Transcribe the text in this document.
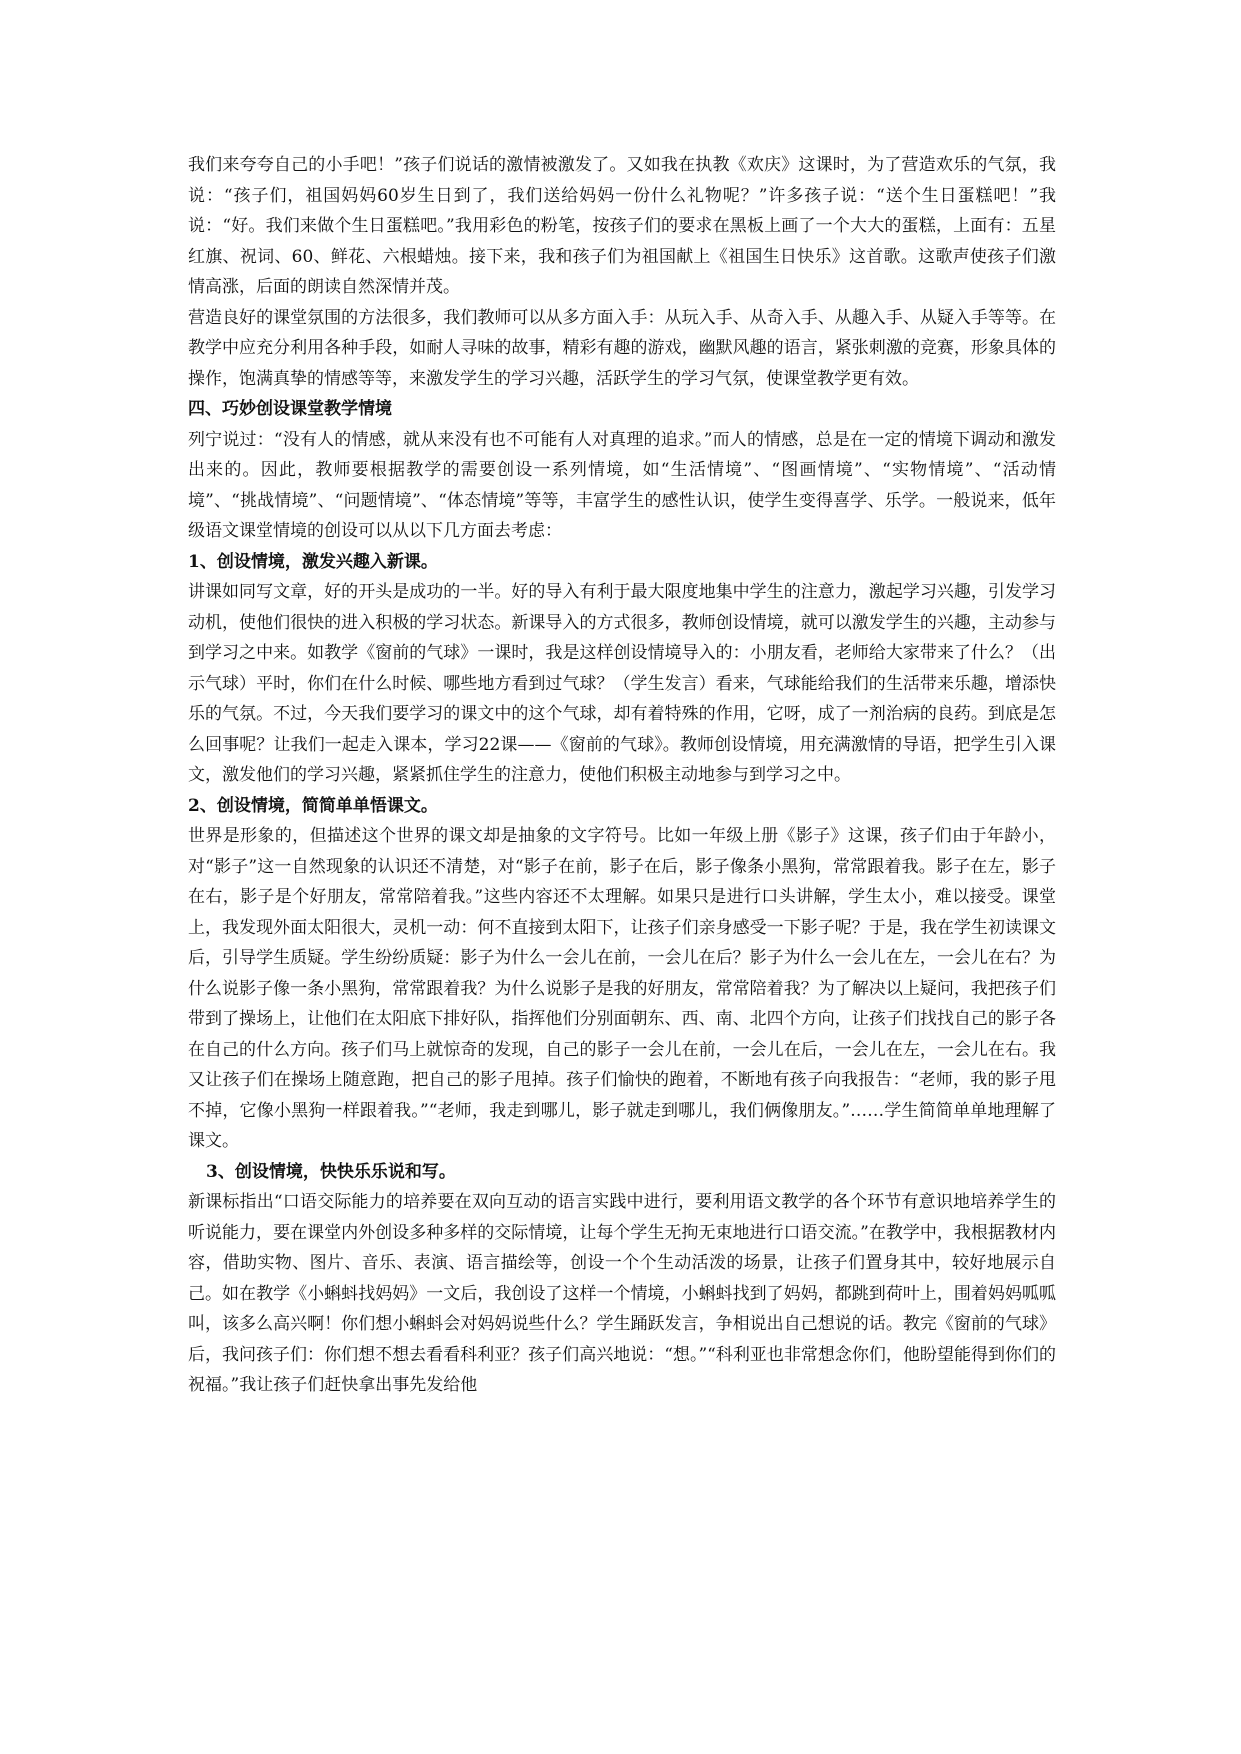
我们来夸夸自己的小手吧！”孩子们说话的激情被激发了。又如我在执教《欢庆》这课时，为了营造欢乐的气氛，我说：“孩子们，祖国妈妈60岁生日到了，我们送给妈妈一份什么礼物呢？”许多孩子说：“送个生日蛋糕吧！”我说：“好。我们来做个生日蛋糕吧。”我用彩色的粉笔，按孩子们的要求在黑板上画了一个大大的蛋糕，上面有：五星红旗、祝词、60、鲜花、六根蜡烛。接下来，我和孩子们为祖国献上《祖国生日快乐》这首歌。这歌声使孩子们激情高涨，后面的朗读自然深情并茂。

营造良好的课堂氛围的方法很多，我们教师可以从多方面入手：从玩入手、从奇入手、从趣入手、从疑入手等等。在教学中应充分利用各种手段，如耐人寻味的故事，精彩有趣的游戏，幽默风趣的语言，紧张刺激的竞赛，形象具体的操作，饱满真挚的情感等等，来激发学生的学习兴趣，活跃学生的学习气氛，使课堂教学更有效。

四、巧妙创设课堂教学情境

列宁说过：“没有人的情感，就从来没有也不可能有人对真理的追求。”而人的情感，总是在一定的情境下调动和激发出来的。因此，教师要根据教学的需要创设一系列情境，如“生活情境”、“图画情境”、“实物情境”、“活动情境”、“挑战情境”、“问题情境”、“体态情境”等等，丰富学生的感性认识，使学生变得喜学、乐学。一般说来，低年级语文课堂情境的创设可以从以下几方面去考虑：

1、创设情境，激发兴趣入新课。

讲课如同写文章，好的开头是成功的一半。好的导入有利于最大限度地集中学生的注意力，激起学习兴趣，引发学习动机，使他们很快的进入积极的学习状态。新课导入的方式很多，教师创设情境，就可以激发学生的兴趣，主动参与到学习之中来。如教学《窗前的气球》一课时，我是这样创设情境导入的：小朋友看，老师给大家带来了什么？（出示气球）平时，你们在什么时候、哪些地方看到过气球？（学生发言）看来，气球能给我们的生活带来乐趣，增添快乐的气氛。不过，今天我们要学习的课文中的这个气球，却有着特殊的作用，它呀，成了一剂治病的良药。到底是怎么回事呢？让我们一起走入课本，学习22课——《窗前的气球》。教师创设情境，用充满激情的导语，把学生引入课文，激发他们的学习兴趣，紧紧抓住学生的注意力，使他们积极主动地参与到学习之中。

2、创设情境，简简单单悟课文。

世界是形象的，但描述这个世界的课文却是抽象的文字符号。比如一年级上册《影子》这课，孩子们由于年龄小，对“影子”这一自然现象的认识还不清楚，对“影子在前，影子在后，影子像条小黑狗，常常跟着我。影子在左，影子在右，影子是个好朋友，常常陪着我。”这些内容还不太理解。如果只是进行口头讲解，学生太小，难以接受。课堂上，我发现外面太阳很大，灵机一动：何不直接到太阳下，让孩子们亲身感受一下影子呢？于是，我在学生初读课文后，引导学生质疑。学生纷纷质疑：影子为什么一会儿在前，一会儿在后？影子为什么一会儿在左，一会儿在右？为什么说影子像一条小黑狗，常常跟着我？为什么说影子是我的好朋友，常常陪着我？为了解决以上疑问，我把孩子们带到了操场上，让他们在太阳底下排好队，指挥他们分别面朝东、西、南、北四个方向，让孩子们找找自己的影子各在自己的什么方向。孩子们马上就惊奇的发现，自己的影子一会儿在前，一会儿在后，一会儿在左，一会儿在右。我又让孩子们在操场上随意跑，把自己的影子甩掉。孩子们愉快的跑着，不断地有孩子向我报告：“老师，我的影子甩不掉，它像小黑狗一样跟着我。”“老师，我走到哪儿，影子就走到哪儿，我们俩像朋友。”……学生简简单单地理解了课文。

3、创设情境，快快乐乐说和写。

新课标指出“口语交际能力的培养要在双向互动的语言实践中进行，要利用语文教学的各个环节有意识地培养学生的听说能力，要在课堂内外创设多种多样的交际情境，让每个学生无拘无束地进行口语交流。”在教学中，我根据教材内容，借助实物、图片、音乐、表演、语言描绘等，创设一个个生动活泼的场景，让孩子们置身其中，较好地展示自己。如在教学《小蝌蚪找妈妈》一文后，我创设了这样一个情境，小蝌蚪找到了妈妈，都跳到荷叶上，围着妈妈呱呱叫，该多么高兴啊！你们想小蝌蚪会对妈妈说些什么？学生踊跃发言，争相说出自己想说的话。教完《窗前的气球》后，我问孩子们：你们想不想去看看科利亚？孩子们高兴地说：“想。”“科利亚也非常想念你们，他盼望能得到你们的祝福。”我让孩子们赶快拿出事先发给他
